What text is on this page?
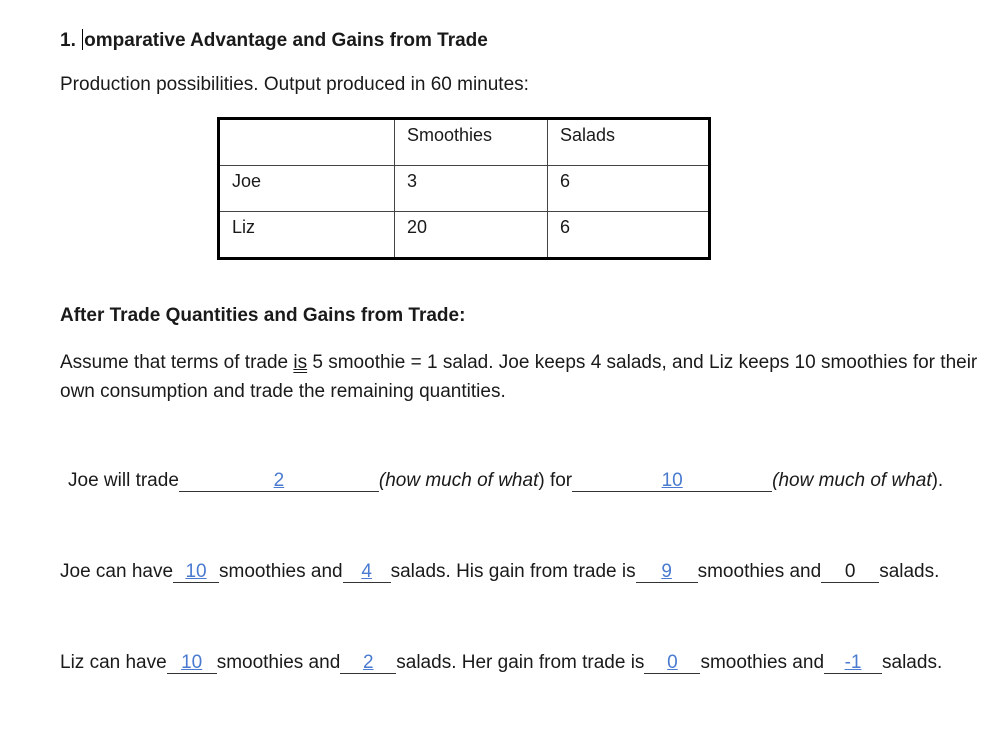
1. omparative Advantage and Gains from Trade
Production possibilities. Output produced in 60 minutes:
	Smoothies	Salads
Joe	3	6
Liz	20	6
After Trade Quantities and Gains from Trade:
Assume that terms of trade is 5 smoothie = 1 salad. Joe keeps 4 salads, and Liz keeps 10 smoothies for their own consumption and trade the remaining quantities.
Joe will trade	2	(how much of what) for	10	(how much of what).
Joe can have 10 smoothies and 4 salads. His gain from trade is 9 smoothies and 0 salads.
Liz can have 10 smoothies and 2 salads. Her gain from trade is 0 smoothies and -1 salads.
